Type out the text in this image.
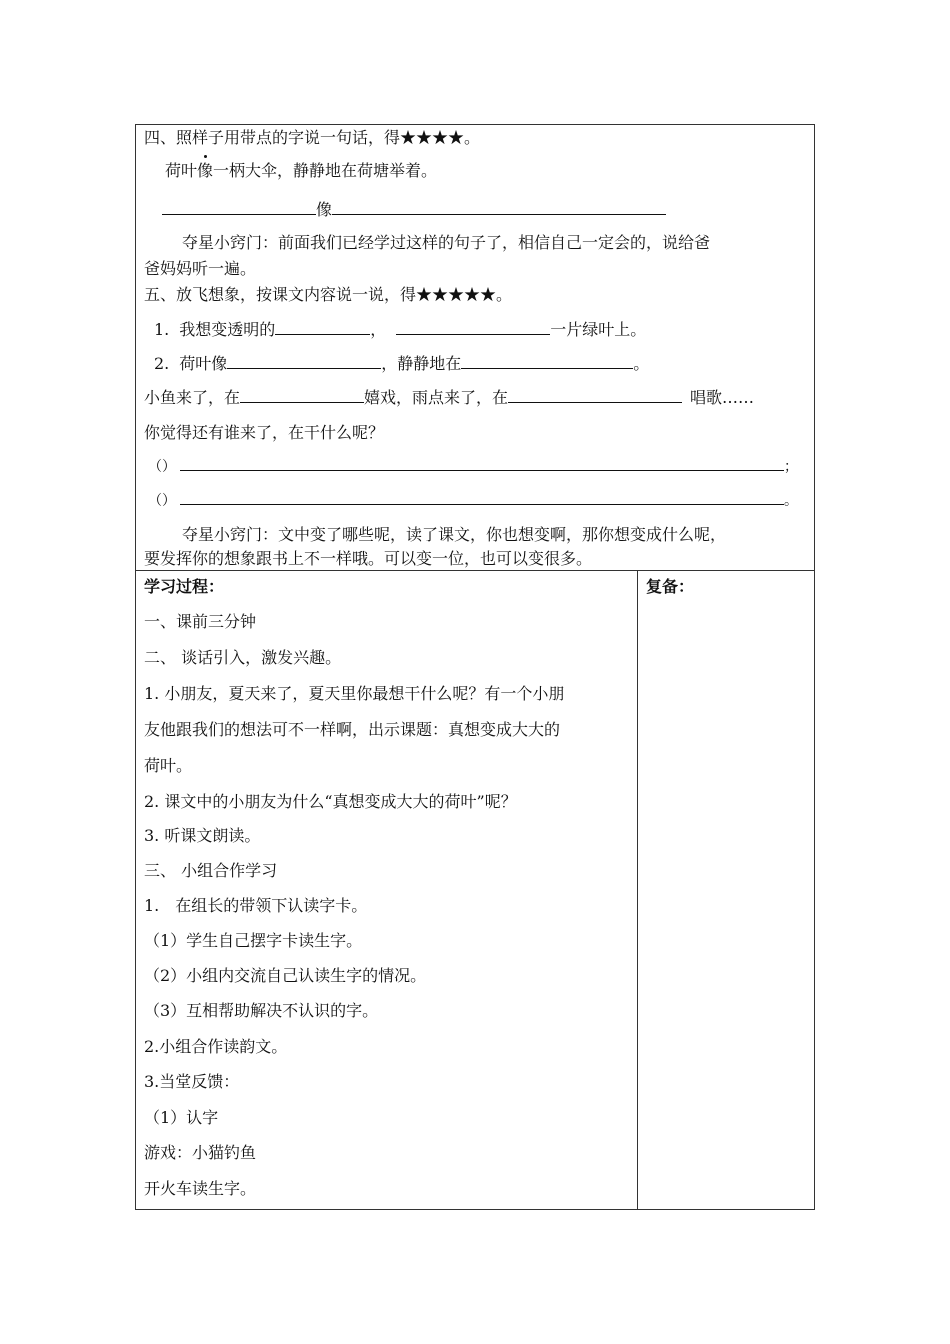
四、照样子用带点的字说一句话，得★★★★。
荷叶像一柄大伞，静静地在荷塘举着。
像
夺星小窍门：前面我们已经学过这样的句子了，相信自己一定会的，说给爸
爸妈妈听一遍。
五、放飞想象，按课文内容说一说，得★★★★★。
1. 我想变透明的	，	一片绿叶上。
2. 荷叶像	，静静地在	。
小鱼来了，在	嬉戏，雨点来了，在	唱歌……
你觉得还有谁来了，在干什么呢？
（）	；
（）	。
夺星小窍门：文中变了哪些呢，读了课文，你也想变啊，那你想变成什么呢，
要发挥你的想象跟书上不一样哦。可以变一位，也可以变很多。
学习过程：	复备：
一、课前三分钟
二、 谈话引入，激发兴趣。
1. 小朋友，夏天来了，夏天里你最想干什么呢？有一个小朋
友他跟我们的想法可不一样啊，出示课题：真想变成大大的
荷叶。
2. 课文中的小朋友为什么“真想变成大大的荷叶”呢？
3. 听课文朗读。
三、 小组合作学习
1.　在组长的带领下认读字卡。
（1）学生自己摆字卡读生字。
（2）小组内交流自己认读生字的情况。
（3）互相帮助解决不认识的字。
2.小组合作读韵文。
3.当堂反馈：
（1）认字
游戏：小猫钓鱼
开火车读生字。
